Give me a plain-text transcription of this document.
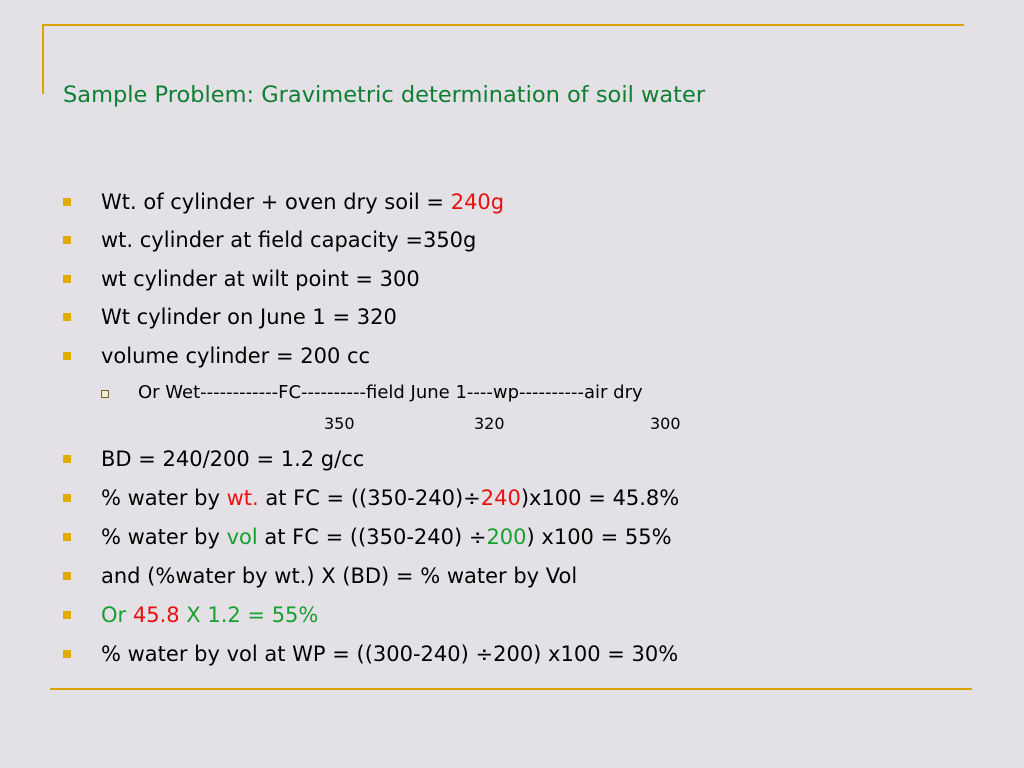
Sample Problem: Gravimetric determination of soil water
Wt. of cylinder + oven dry soil = 240g
wt. cylinder at field capacity =350g
wt cylinder at wilt point = 300
Wt cylinder on June 1 = 320
volume cylinder = 200 cc
Or Wet------------FC----------field June 1----wp----------air dry
350	320	300
BD = 240/200 = 1.2 g/cc
% water by wt. at FC = ((350-240)÷240)x100 = 45.8%
% water by vol at FC = ((350-240) ÷200) x100 = 55%
and (%water by wt.) X (BD) = % water by Vol
Or 45.8 X 1.2 = 55%
% water by vol at WP = ((300-240) ÷200) x100 = 30%
